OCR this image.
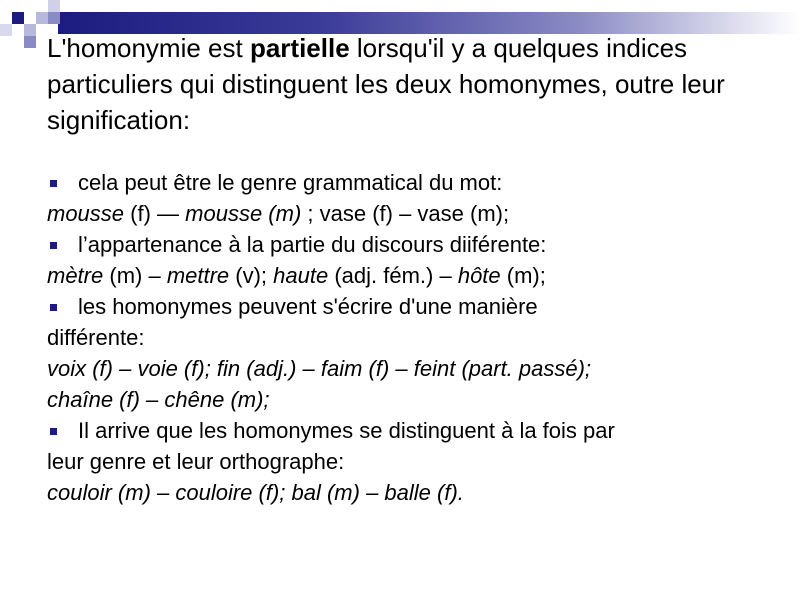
L'homonymie est partielle lorsqu'il y a quelques indices particuliers qui distinguent les deux homonymes, outre leur signification:
cela peut être le genre grammatical du mot:
mousse (f) — mousse (m) ; vase (f) – vase (m);
l’appartenance à la partie du discours diiférente:
mètre (m) – mettre (v); haute (adj. fém.) – hôte (m);
les homonymes peuvent s'écrire d'une manière
différente:
voix (f) – voie (f); fin (adj.) – faim (f) – feint (part. passé);
chaîne (f) – chêne (m);
Il arrive que les homonymes se distinguent à la fois par
leur genre et leur orthographe:
couloir (m) – couloire (f); bal (m) – balle (f).
